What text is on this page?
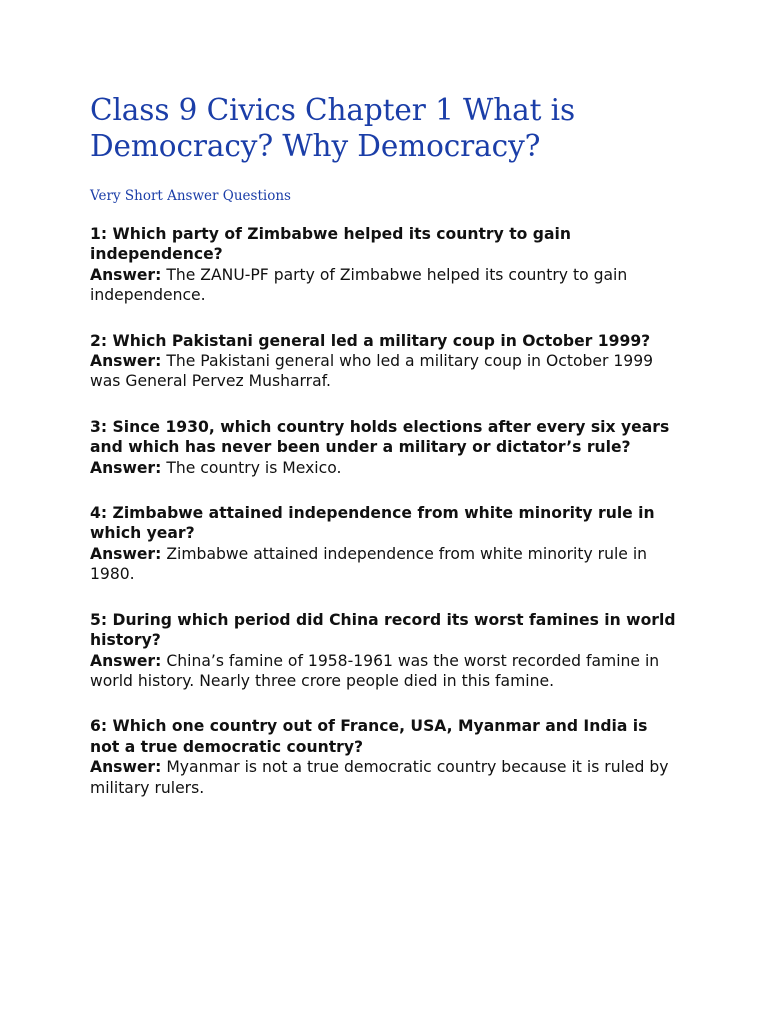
Class 9 Civics Chapter 1 What is
Democracy? Why Democracy?
Very Short Answer Questions

1: Which party of Zimbabwe helped its country to gain independence?

Answer: The ZANU-PF party of Zimbabwe helped its country to gain independence.

2: Which Pakistani general led a military coup in October 1999?

Answer: The Pakistani general who led a military coup in October 1999 was General Pervez Musharraf.

3: Since 1930, which country holds elections after every six years and which has never been under a military or dictator’s rule?

Answer: The country is Mexico.

4: Zimbabwe attained independence from white minority rule in which year?

Answer: Zimbabwe attained independence from white minority rule in 1980.

5: During which period did China record its worst famines in world history?

Answer: China’s famine of 1958-1961 was the worst recorded famine in world history. Nearly three crore people died in this famine.

6: Which one country out of France, USA, Myanmar and India is not a true democratic country?

Answer: Myanmar is not a true democratic country because it is ruled by military rulers.
